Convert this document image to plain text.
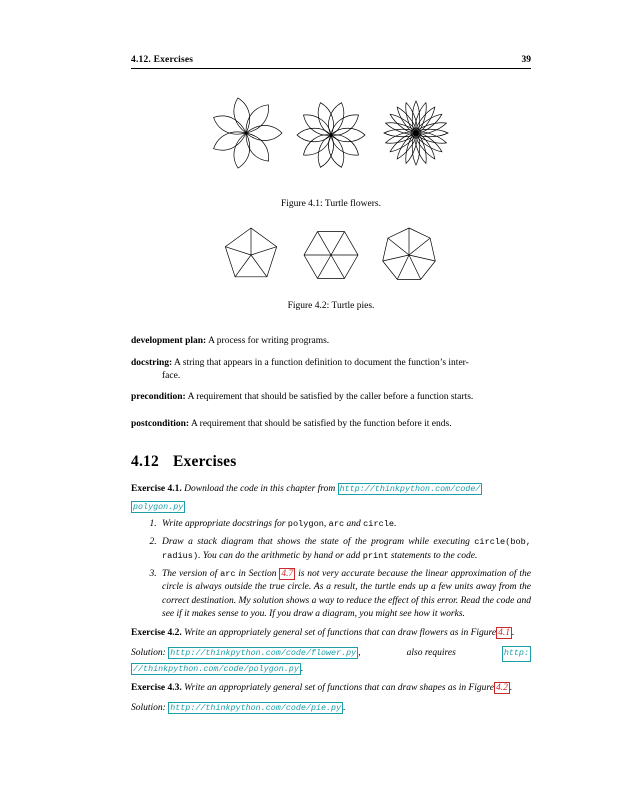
4.12. Exercises	39
Figure 4.1: Turtle flowers.
Figure 4.2: Turtle pies.
development plan: A process for writing programs.
docstring: A string that appears in a function definition to document the function’s inter-
face.
precondition: A requirement that should be satisfied by the caller before a function starts.
postcondition: A requirement that should be satisfied by the function before it ends.
4.12 Exercises
Exercise 4.1. Download the code in this chapter from http://thinkpython.com/code/
polygon.py
1. Write appropriate docstrings for polygon, arc and circle.
2. Draw a stack diagram that shows the state of the program while executing circle(bob, radius). You can do the arithmetic by hand or add print statements to the code.
3. The version of arc in Section 4.7 is not very accurate because the linear approximation of the circle is always outside the true circle. As a result, the turtle ends up a few units away from the correct destination. My solution shows a way to reduce the effect of this error. Read the code and see if it makes sense to you. If you draw a diagram, you might see how it works.
Exercise 4.2. Write an appropriately general set of functions that can draw flowers as in Figure 4.1 .
Solution: http://thinkpython.com/code/flower.py ,	also requires	http:
//thinkpython.com/code/polygon.py .
Exercise 4.3. Write an appropriately general set of functions that can draw shapes as in Figure 4.2 .
Solution: http://thinkpython.com/code/pie.py .
